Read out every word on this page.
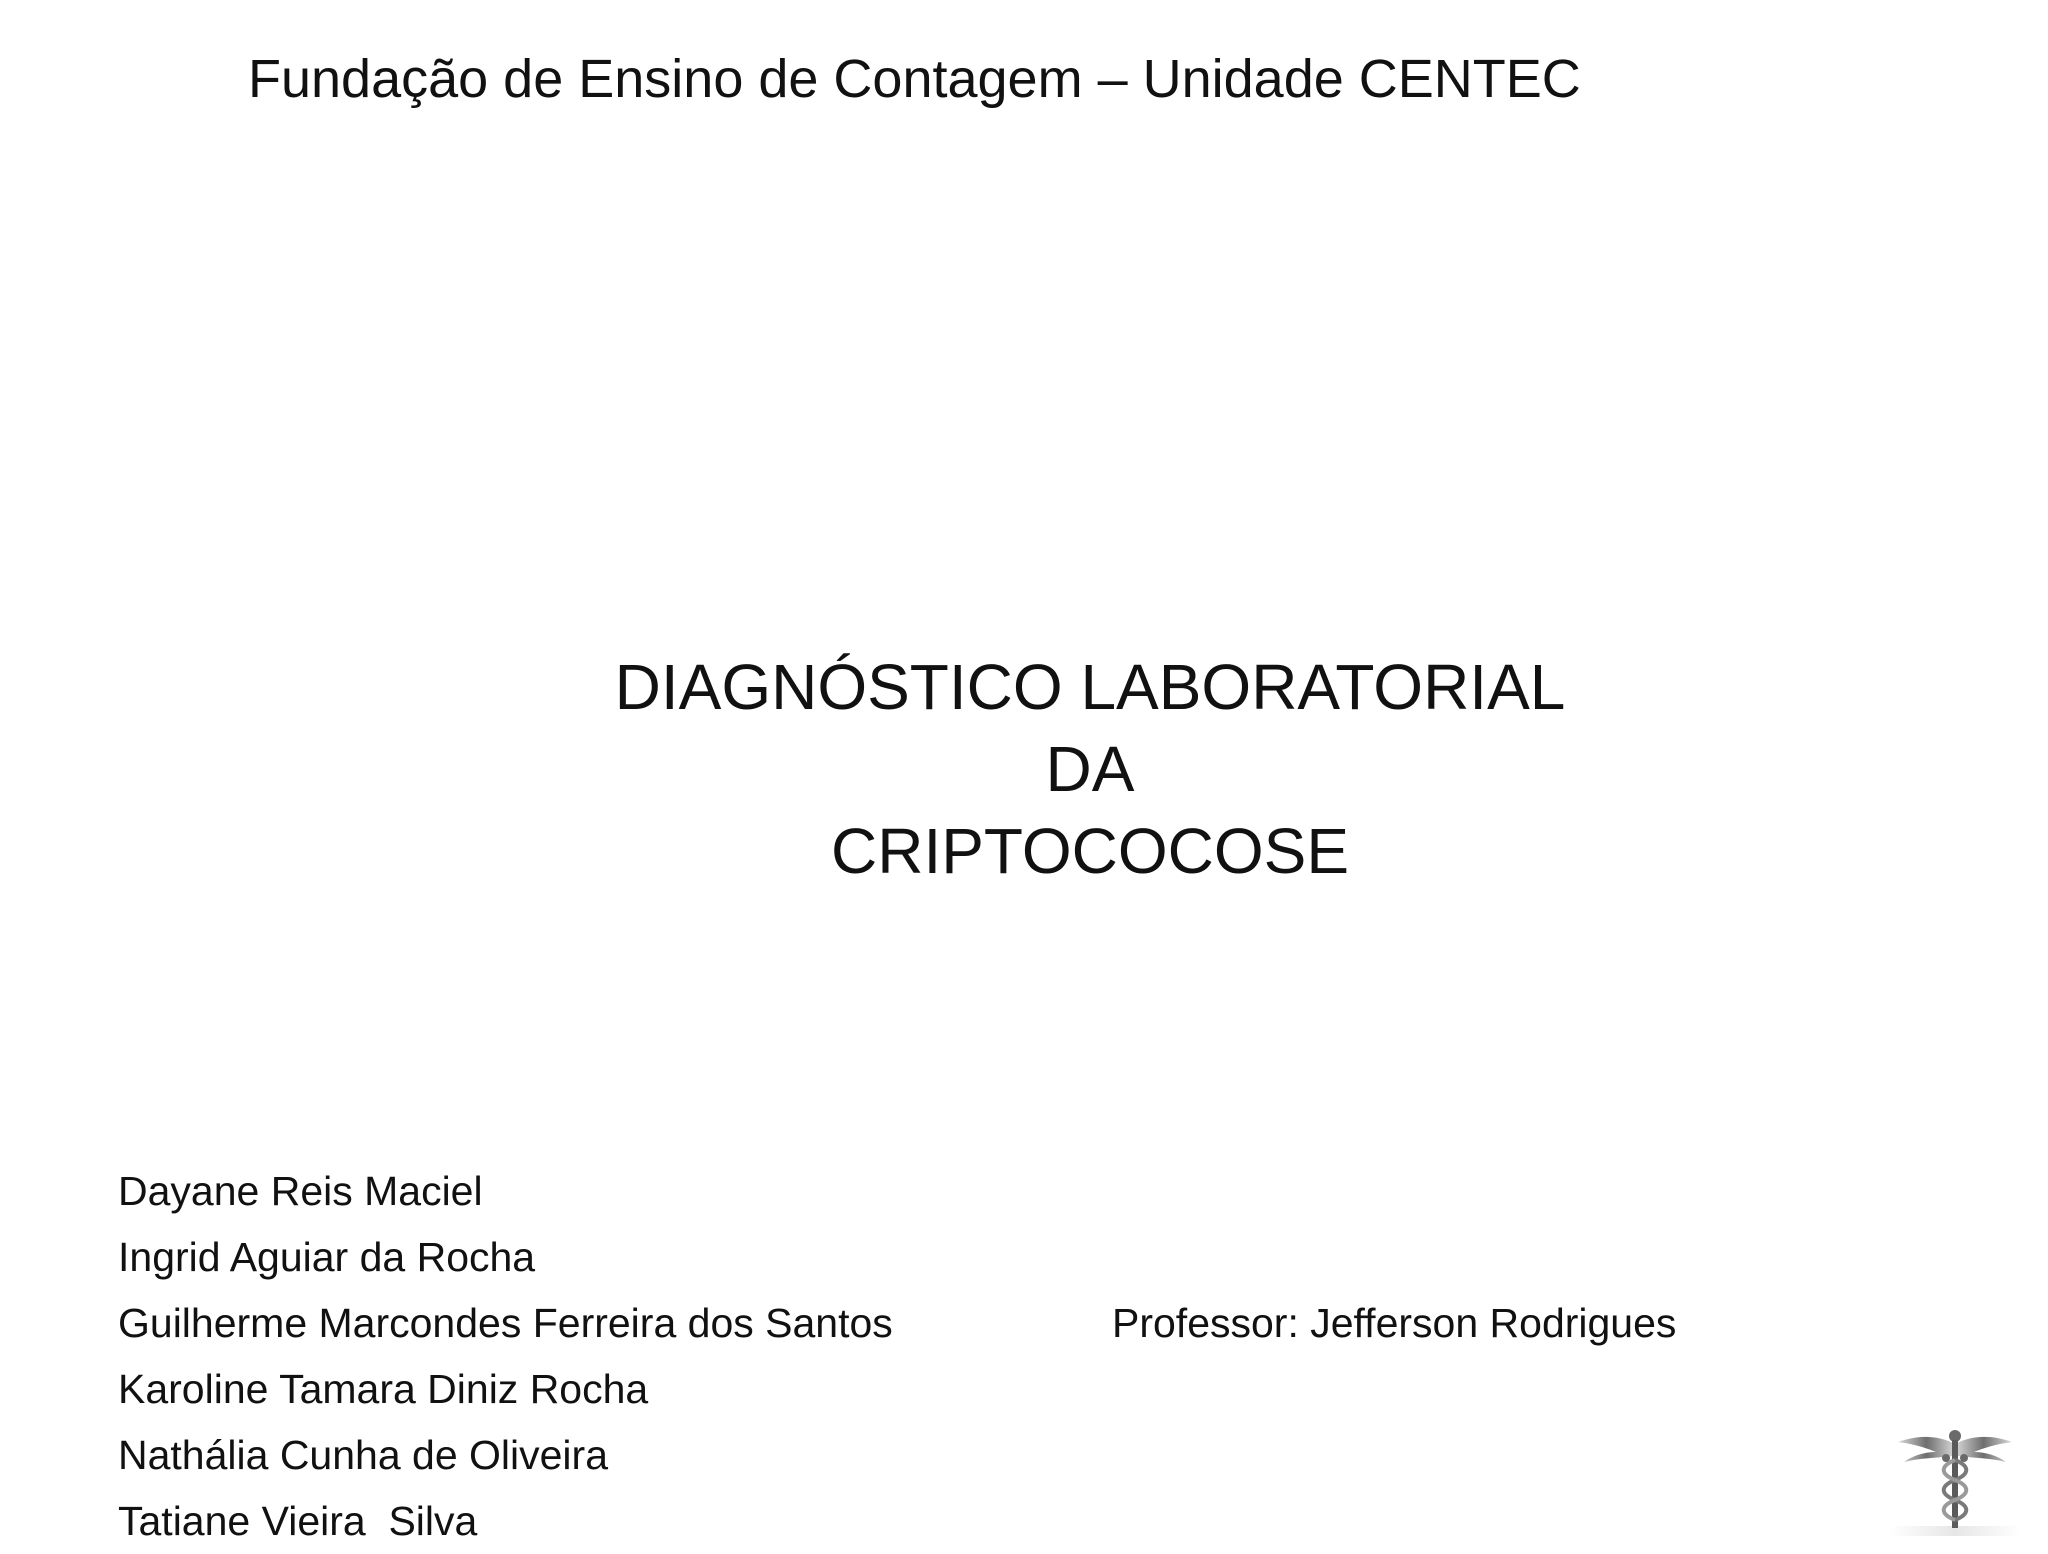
Fundação de Ensino de Contagem – Unidade CENTEC
DIAGNÓSTICO LABORATORIAL
DA
CRIPTOCOCOSE
Dayane Reis Maciel
Ingrid Aguiar da Rocha
Guilherme Marcondes Ferreira dos Santos
Karoline Tamara Diniz Rocha
Nathália Cunha de Oliveira
Tatiane Vieira  Silva
Professor: Jefferson Rodrigues
